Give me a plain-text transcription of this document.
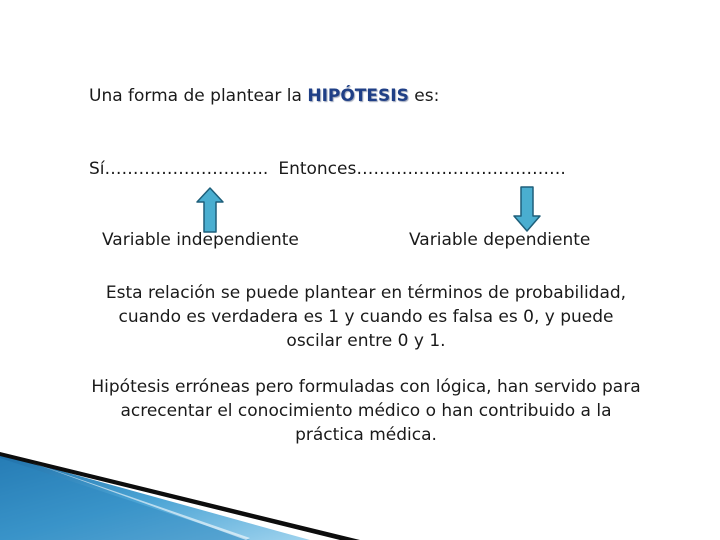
Una forma de plantear la HIPÓTESIS es:
Sí……………………….. Entonces……………………………….
Variable independiente	Variable dependiente
Esta relación se puede plantear en términos de probabilidad, cuando es verdadera es 1 y cuando es falsa es 0, y puede oscilar entre 0 y 1.
Hipótesis erróneas pero formuladas con lógica, han servido para acrecentar el conocimiento médico o han contribuido a la práctica médica.
